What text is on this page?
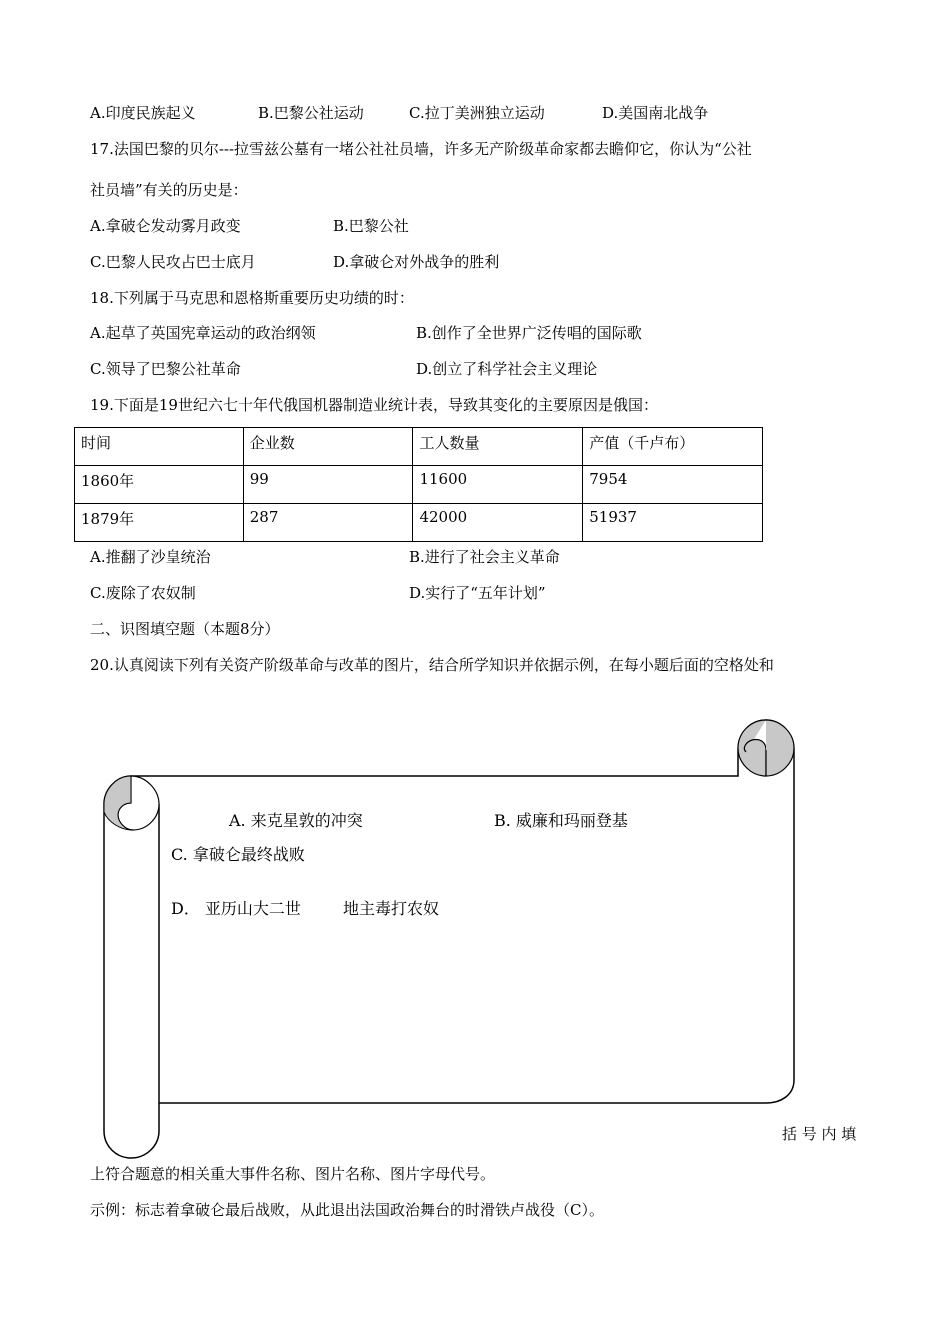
A.印度民族起义	B.巴黎公社运动	C.拉丁美洲独立运动	D.美国南北战争
17.法国巴黎的贝尔---拉雪兹公墓有一堵公社社员墙，许多无产阶级革命家都去瞻仰它，你认为“公社
社员墙”有关的历史是：
A.拿破仑发动雾月政变	B.巴黎公社
C.巴黎人民攻占巴士底月	D.拿破仑对外战争的胜利
18.下列属于马克思和恩格斯重要历史功绩的时：
A.起草了英国宪章运动的政治纲领	B.创作了全世界广泛传唱的国际歌
C.领导了巴黎公社革命	D.创立了科学社会主义理论
19.下面是19世纪六七十年代俄国机器制造业统计表，导致其变化的主要原因是俄国：
时间	企业数	工人数量	产值（千卢布）
1860年	99	11600	7954
1879年	287	42000	51937
A.推翻了沙皇统治	B.进行了社会主义革命
C.废除了农奴制	D.实行了“五年计划”
二、识图填空题（本题8分）
20.认真阅读下列有关资产阶级革命与改革的图片，结合所学知识并依据示例，在每小题后面的空格处和
A. 来克星敦的冲突	B. 威廉和玛丽登基
C. 拿破仑最终战败
D． 亚历山大二世	地主毒打农奴
括 号 内 填
上符合题意的相关重大事件名称、图片名称、图片字母代号。
示例：标志着拿破仑最后战败，从此退出法国政治舞台的时滑铁卢战役（C）。
